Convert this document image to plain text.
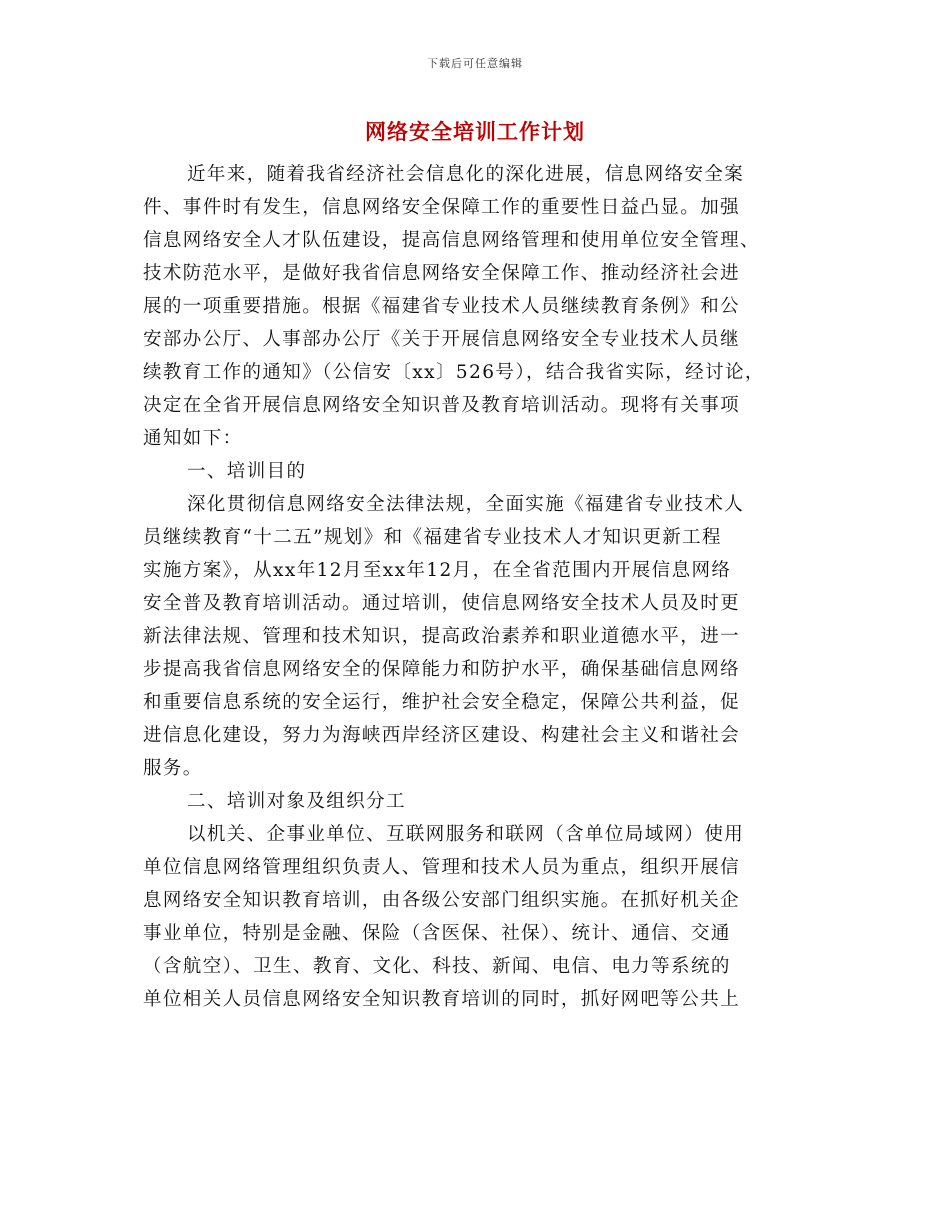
下载后可任意编辑
网络安全培训工作计划
近年来，随着我省经济社会信息化的深化进展，信息网络安全案
件、事件时有发生，信息网络安全保障工作的重要性日益凸显。加强
信息网络安全人才队伍建设，提高信息网络管理和使用单位安全管理、
技术防范水平，是做好我省信息网络安全保障工作、推动经济社会进
展的一项重要措施。根据《福建省专业技术人员继续教育条例》和公
安部办公厅、人事部办公厅《关于开展信息网络安全专业技术人员继
续教育工作的通知》（公信安〔xx〕526号），结合我省实际，经讨论，
决定在全省开展信息网络安全知识普及教育培训活动。现将有关事项
通知如下：
一、培训目的
深化贯彻信息网络安全法律法规，全面实施《福建省专业技术人
员继续教育“十二五”规划》和《福建省专业技术人才知识更新工程
实施方案》，从xx年12月至xx年12月，在全省范围内开展信息网络
安全普及教育培训活动。通过培训，使信息网络安全技术人员及时更
新法律法规、管理和技术知识，提高政治素养和职业道德水平，进一
步提高我省信息网络安全的保障能力和防护水平，确保基础信息网络
和重要信息系统的安全运行，维护社会安全稳定，保障公共利益，促
进信息化建设，努力为海峡西岸经济区建设、构建社会主义和谐社会
服务。
二、培训对象及组织分工
以机关、企事业单位、互联网服务和联网（含单位局域网）使用
单位信息网络管理组织负责人、管理和技术人员为重点，组织开展信
息网络安全知识教育培训，由各级公安部门组织实施。在抓好机关企
事业单位，特别是金融、保险（含医保、社保）、统计、通信、交通
（含航空）、卫生、教育、文化、科技、新闻、电信、电力等系统的
单位相关人员信息网络安全知识教育培训的同时，抓好网吧等公共上
